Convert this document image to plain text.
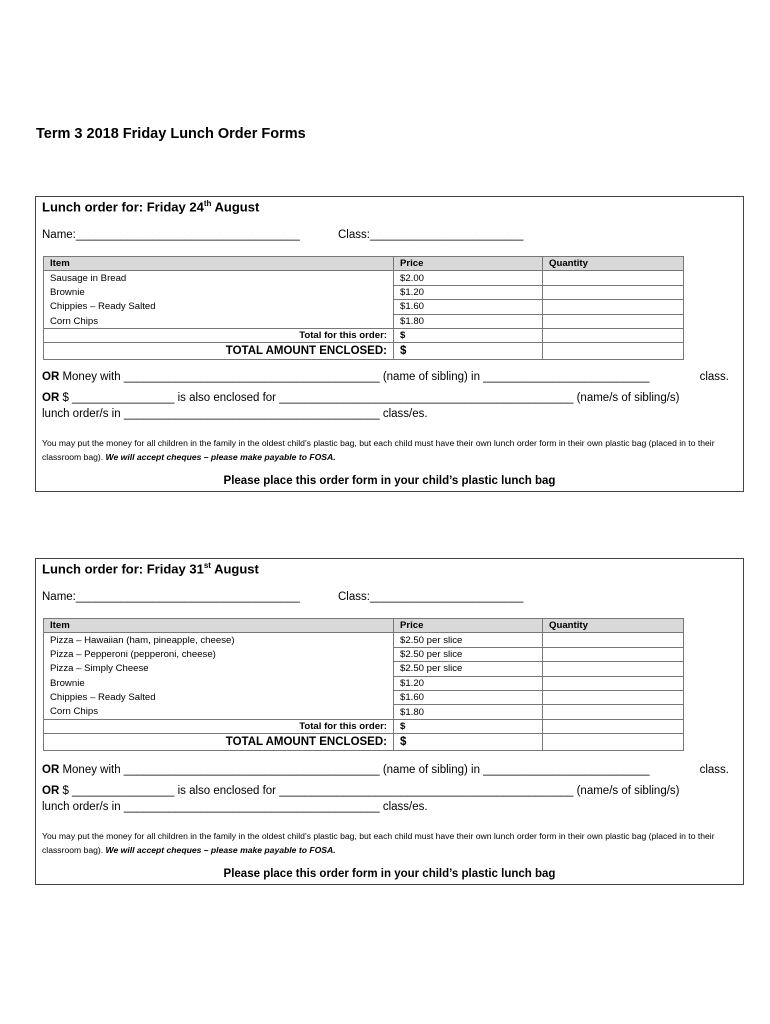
Term 3 2018 Friday Lunch Order Forms
Lunch order for: Friday 24th August
Name:___________________________________	Class:________________________
Item	Price	Quantity
Sausage in Bread	$2.00	
Brownie	$1.20	
Chippies – Ready Salted	$1.60	
Corn Chips	$1.80	
Total for this order:	$	
TOTAL AMOUNT ENCLOSED:	$	
OR Money with ________________________________________ (name of sibling) in __________________________	class.
OR $ ________________ is also enclosed for ______________________________________________ (name/s of sibling/s)
lunch order/s in ________________________________________ class/es.
You may put the money for all children in the family in the oldest child’s plastic bag, but each child must have their own lunch order form in their own plastic bag (placed in to their classroom bag). We will accept cheques – please make payable to FOSA.
Please place this order form in your child’s plastic lunch bag
Lunch order for: Friday 31st August
Name:___________________________________	Class:________________________
Item	Price	Quantity
Pizza – Hawaiian (ham, pineapple, cheese)	$2.50 per slice	
Pizza – Pepperoni (pepperoni, cheese)	$2.50 per slice	
Pizza – Simply Cheese	$2.50 per slice	
Brownie	$1.20	
Chippies – Ready Salted	$1.60	
Corn Chips	$1.80	
Total for this order:	$	
TOTAL AMOUNT ENCLOSED:	$	
OR Money with ________________________________________ (name of sibling) in __________________________	class.
OR $ ________________ is also enclosed for ______________________________________________ (name/s of sibling/s)
lunch order/s in ________________________________________ class/es.
You may put the money for all children in the family in the oldest child’s plastic bag, but each child must have their own lunch order form in their own plastic bag (placed in to their classroom bag). We will accept cheques – please make payable to FOSA.
Please place this order form in your child’s plastic lunch bag
